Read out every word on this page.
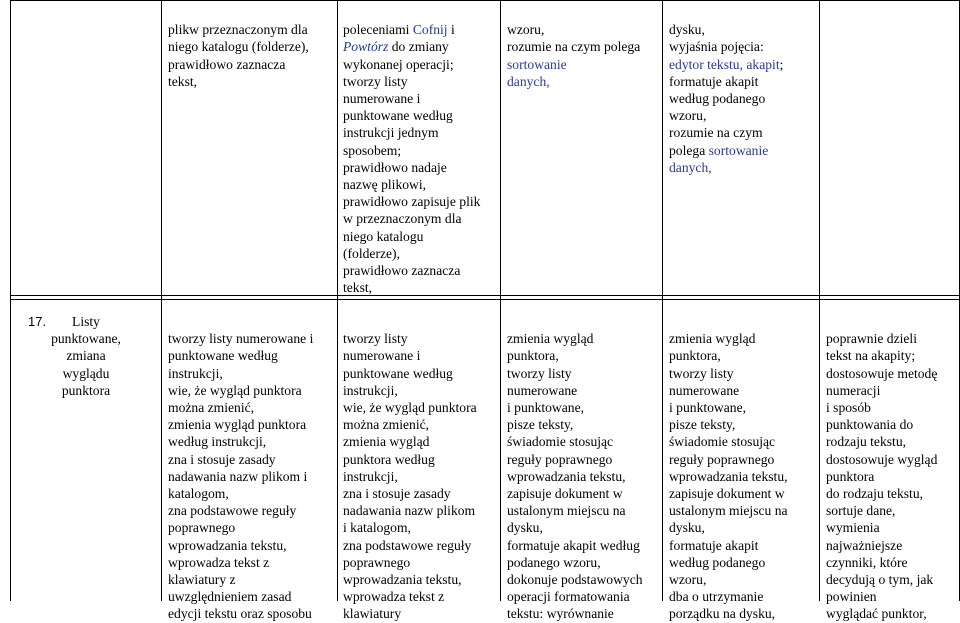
plikw przeznaczonym dla
niego katalogu (folderze),
prawidłowo zaznacza
tekst,

poleceniami Cofnij i
Powtórz do zmiany
wykonanej operacji;
tworzy listy
numerowane i
punktowane według
instrukcji jednym
sposobem;
prawidłowo nadaje
nazwę plikowi,
prawidłowo zapisuje plik
w przeznaczonym dla
niego katalogu
(folderze),
prawidłowo zaznacza
tekst,

wzoru,
rozumie na czym polega
sortowanie
danych,

dysku,
wyjaśnia pojęcia:
edytor tekstu, akapit;
formatuje akapit
według podanego
wzoru,
rozumie na czym
polega sortowanie
danych,

Listy
punktowane,
zmiana
wyglądu
punktora

17.

tworzy listy numerowane i
punktowane według
instrukcji,
wie, że wygląd punktora
można zmienić,
zmienia wygląd punktora
według instrukcji,
zna i stosuje zasady
nadawania nazw plikom i
katalogom,
zna podstawowe reguły
poprawnego
wprowadzania tekstu,
wprowadza tekst z
klawiatury z
uwzględnieniem zasad
edycji tekstu oraz sposobu

tworzy listy
numerowane i
punktowane według
instrukcji,
wie, że wygląd punktora
można zmienić,
zmienia wygląd
punktora według
instrukcji,
zna i stosuje zasady
nadawania nazw plikom
i katalogom,
zna podstawowe reguły
poprawnego
wprowadzania tekstu,
wprowadza tekst z
klawiatury

zmienia wygląd
punktora,
tworzy listy
numerowane
i punktowane,
pisze teksty,
świadomie stosując
reguły poprawnego
wprowadzania tekstu,
zapisuje dokument w
ustalonym miejscu na
dysku,
formatuje akapit według
podanego wzoru,
dokonuje podstawowych
operacji formatowania
tekstu: wyrównanie

zmienia wygląd
punktora,
tworzy listy
numerowane
i punktowane,
pisze teksty,
świadomie stosując
reguły poprawnego
wprowadzania tekstu,
zapisuje dokument w
ustalonym miejscu na
dysku,
formatuje akapit
według podanego
wzoru,
dba o utrzymanie
porządku na dysku,

poprawnie dzieli
tekst na akapity;
dostosowuje metodę
numeracji
i sposób
punktowania do
rodzaju tekstu,
dostosowuje wygląd
punktora
do rodzaju tekstu,
sortuje dane,
wymienia
najważniejsze
czynniki, które
decydują o tym, jak
powinien
wyglądać punktor,
